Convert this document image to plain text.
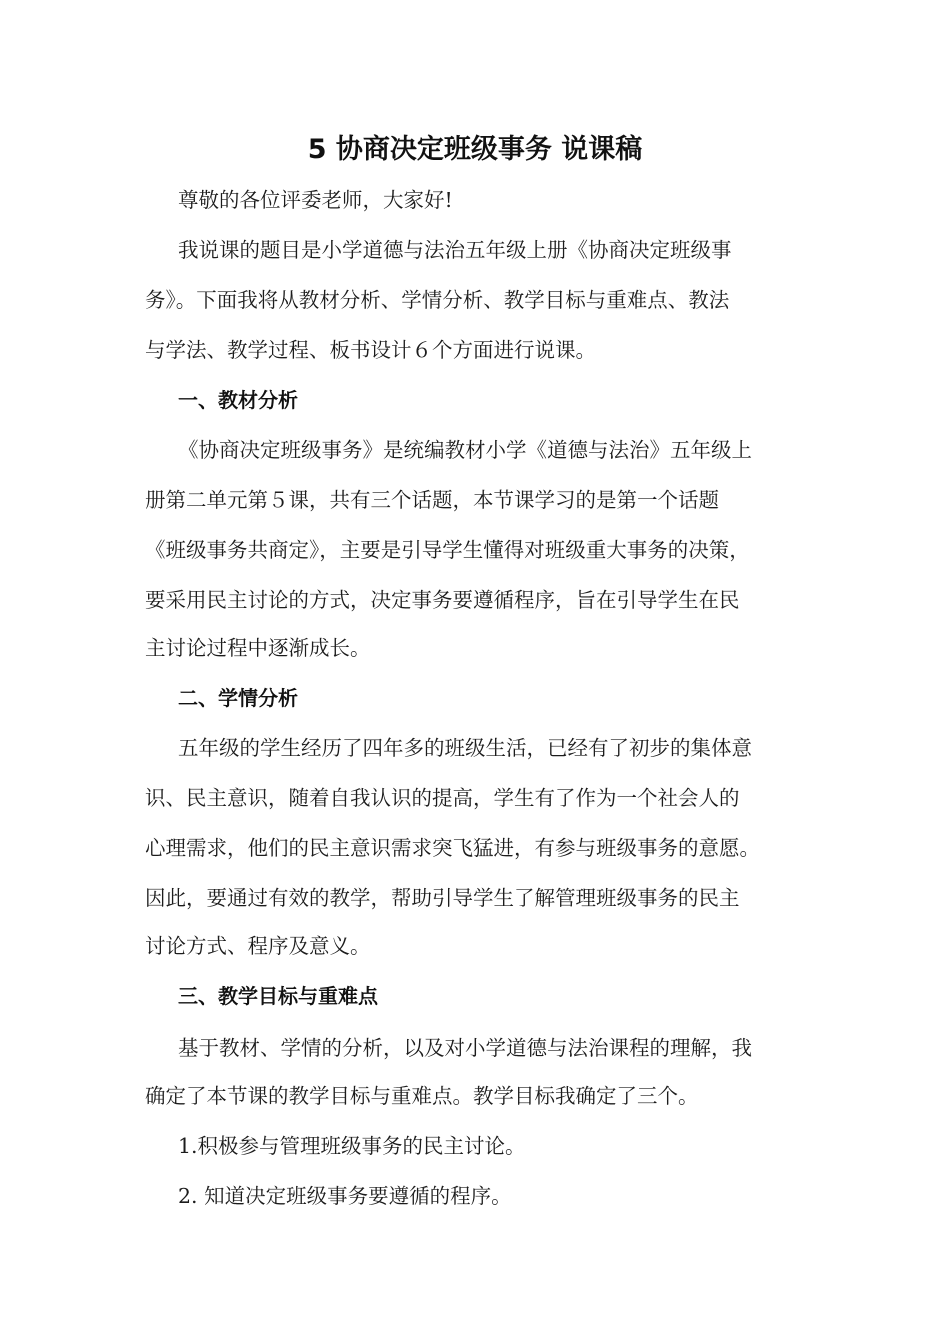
5 协商决定班级事务 说课稿
尊敬的各位评委老师，大家好!
我说课的题目是小学道德与法治五年级上册《协商决定班级事
务》。下面我将从教材分析、学情分析、教学目标与重难点、教法
与学法、教学过程、板书设计６个方面进行说课。
一、教材分析
《协商决定班级事务》是统编教材小学《道德与法治》五年级上
册第二单元第５课，共有三个话题，本节课学习的是第一个话题
《班级事务共商定》，主要是引导学生懂得对班级重大事务的决策，
要采用民主讨论的方式，决定事务要遵循程序，旨在引导学生在民
主讨论过程中逐渐成长。
二、学情分析
五年级的学生经历了四年多的班级生活，已经有了初步的集体意
识、民主意识，随着自我认识的提高，学生有了作为一个社会人的
心理需求，他们的民主意识需求突飞猛进，有参与班级事务的意愿。
因此，要通过有效的教学，帮助引导学生了解管理班级事务的民主
讨论方式、程序及意义。
三、教学目标与重难点
基于教材、学情的分析，以及对小学道德与法治课程的理解，我
确定了本节课的教学目标与重难点。教学目标我确定了三个。
1.积极参与管理班级事务的民主讨论。
2. 知道决定班级事务要遵循的程序。
